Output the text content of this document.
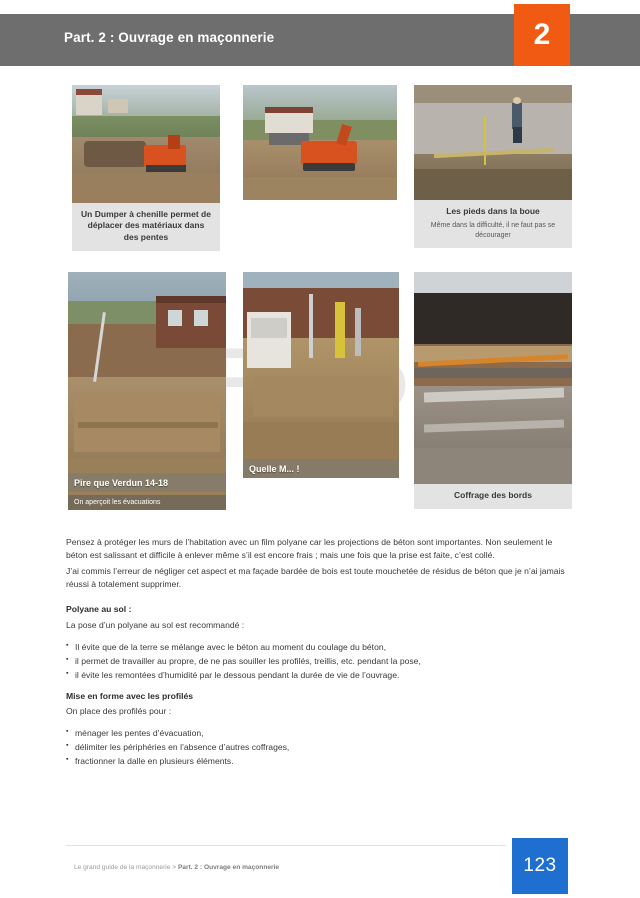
Part. 2 : Ouvrage en maçonnerie	2
Un Dumper à chenille permet de déplacer des matériaux dans des pentes
Les pieds dans la boue
Même dans la difficulté, il ne faut pas se décourager
Pire que Verdun 14-18
On aperçoit les évacuations
Quelle M... !
Coffrage des bords

Pensez à protéger les murs de l’habitation avec un film polyane car les projections de béton sont importantes. Non seulement le béton est salissant et difficile à enlever même s’il est encore frais ; mais une fois que la prise est faite, c’est collé.

J’ai commis l’erreur de négliger cet aspect et ma façade bardée de bois est toute mouchetée de résidus de béton que je n’ai jamais réussi à totalement supprimer.

Polyane au sol :

La pose d’un polyane au sol est recommandé :

▪ Il évite que de la terre se mélange avec le béton au moment du coulage du béton,
▪ il permet de travailler au propre, de ne pas souiller les profilés, treillis, etc. pendant la pose,
▪ il évite les remontées d’humidité par le dessous pendant la durée de vie de l’ouvrage.

Mise en forme avec les profilés

On place des profilés pour :

▪ ménager les pentes d’évacuation,
▪ délimiter les périphéries en l’absence d’autres coffrages,
▪ fractionner la dalle en plusieurs éléments.
Le grand guide de la maçonnerie > Part. 2 : Ouvrage en maçonnerie	123
